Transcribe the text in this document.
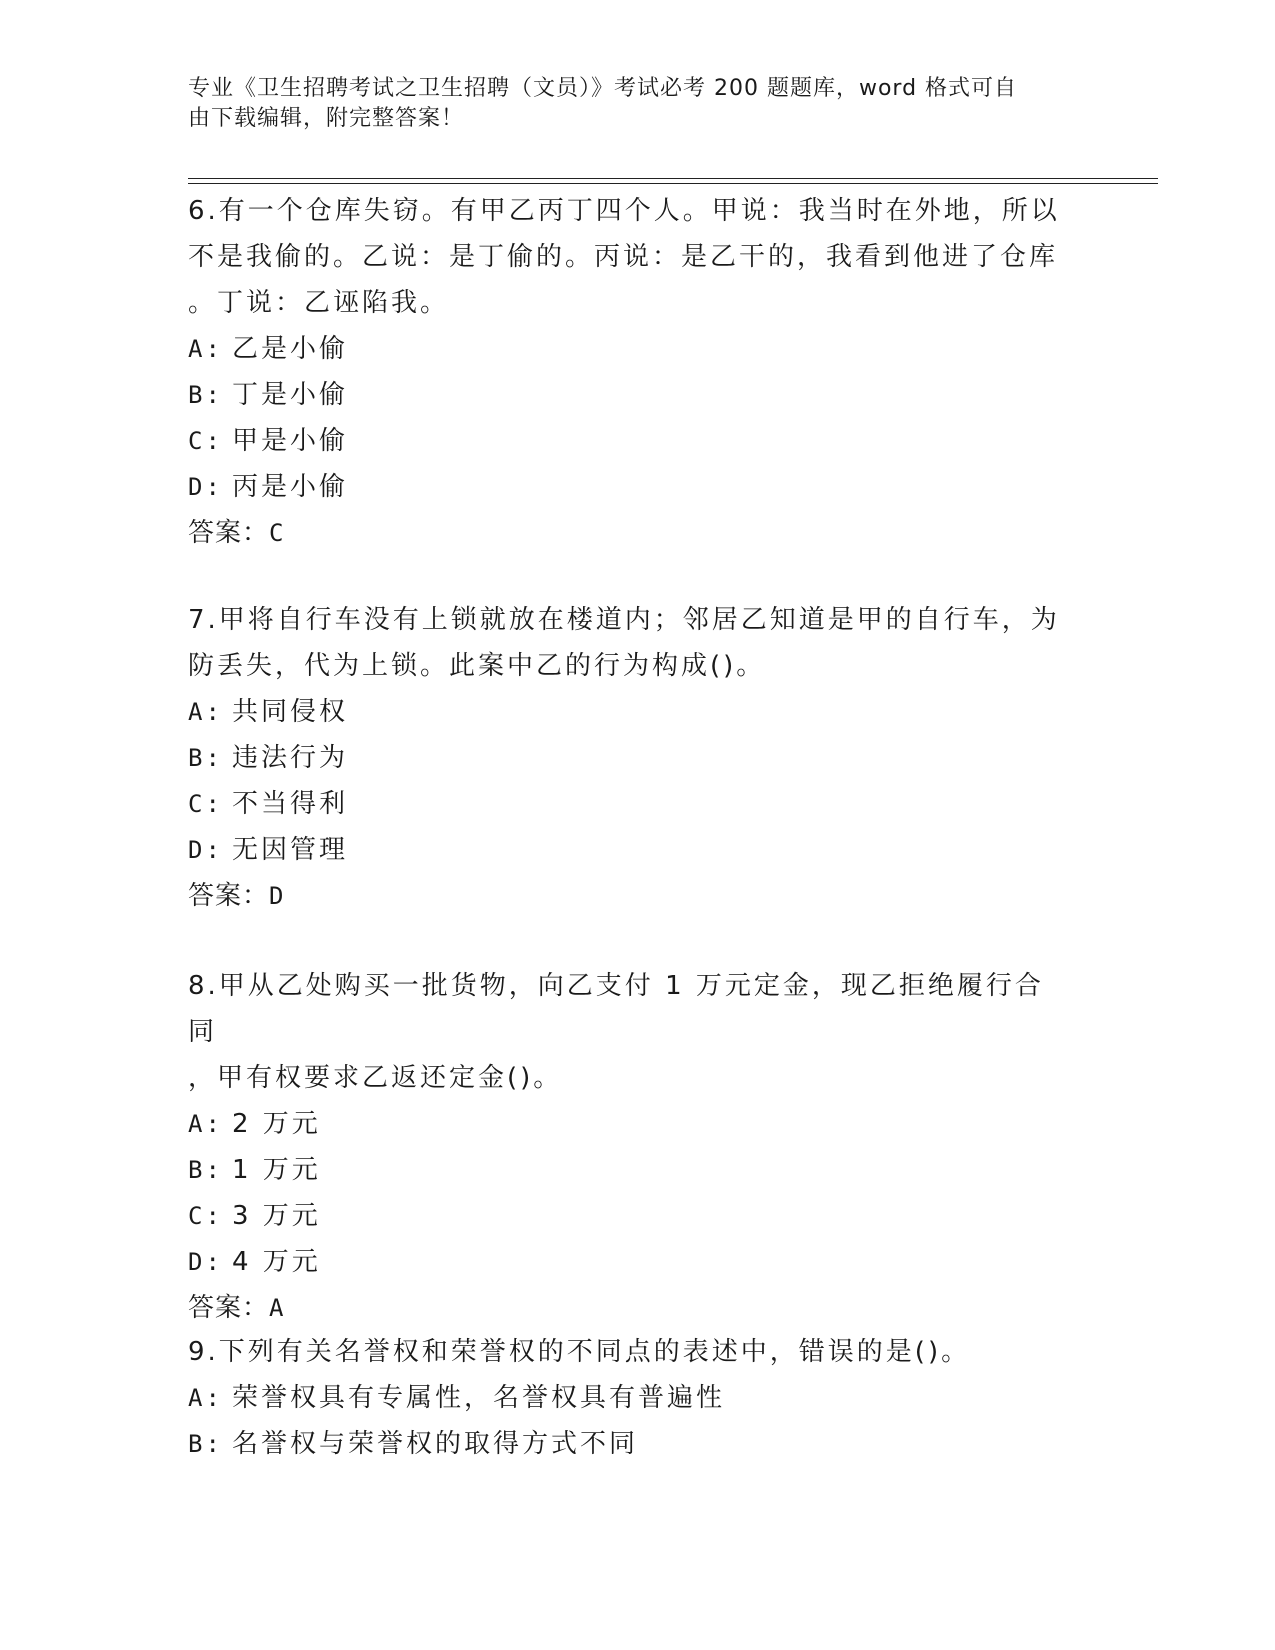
专业《卫生招聘考试之卫生招聘（文员）》考试必考 200 题题库，word 格式可自
由下载编辑，附完整答案！
6.有一个仓库失窃。有甲乙丙丁四个人。甲说：我当时在外地，所以
不是我偷的。乙说：是丁偷的。丙说：是乙干的，我看到他进了仓库
。丁说：乙诬陷我。
A: 乙是小偷
B: 丁是小偷
C: 甲是小偷
D: 丙是小偷
答案：C
7.甲将自行车没有上锁就放在楼道内；邻居乙知道是甲的自行车，为
防丢失，代为上锁。此案中乙的行为构成()。
A: 共同侵权
B: 违法行为
C: 不当得利
D: 无因管理
答案：D
8.甲从乙处购买一批货物，向乙支付 1 万元定金，现乙拒绝履行合同
，甲有权要求乙返还定金()。
A: 2 万元
B: 1 万元
C: 3 万元
D: 4 万元
答案：A
9.下列有关名誉权和荣誉权的不同点的表述中，错误的是()。
A: 荣誉权具有专属性，名誉权具有普遍性
B: 名誉权与荣誉权的取得方式不同
